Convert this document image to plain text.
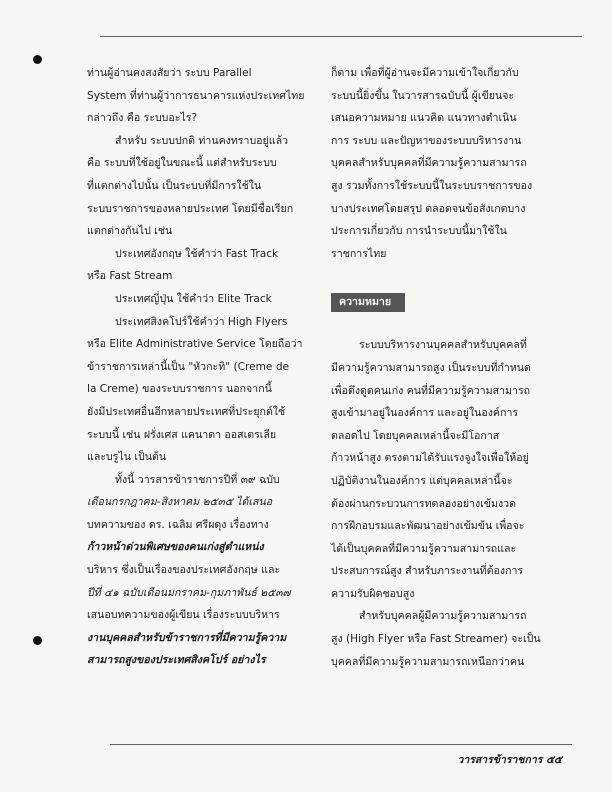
ท่านผู้อ่านคงสงสัยว่า ระบบ Parallel
System ที่ท่านผู้ว่าการธนาคารแห่งประเทศไทย
กล่าวถึง คือ ระบบอะไร?
สำหรับ ระบบปกติ ท่านคงทราบอยู่แล้ว
คือ ระบบที่ใช้อยู่ในขณะนี้ แต่สำหรับระบบ
ที่แตกต่างไปนั้น เป็นระบบที่มีการใช้ใน
ระบบราชการของหลายประเทศ โดยมีชื่อเรียก
แตกต่างกันไป เช่น
ประเทศอังกฤษ ใช้คำว่า Fast Track
หรือ Fast Stream
ประเทศญี่ปุ่น ใช้คำว่า Elite Track
ประเทศสิงคโปร์ใช้คำว่า High Flyers
หรือ Elite Administrative Service โดยถือว่า
ข้าราชการเหล่านี้เป็น "หัวกะทิ" (Creme de
la Creme) ของระบบราชการ นอกจากนี้
ยังมีประเทศอื่นอีกหลายประเทศที่ประยุกต์ใช้
ระบบนี้ เช่น ฝรั่งเศส แคนาดา ออสเตรเลีย
และบรูไน เป็นต้น
ทั้งนี้ วารสารข้าราชการปีที่ ๓๙ ฉบับ
เดือนกรกฎาคม-สิงหาคม ๒๕๓๕ ได้เสนอ
บทความของ ดร. เฉลิม ศรีผดุง เรื่องทาง
ก้าวหน้าด่วนพิเศษของคนเก่งสู่ตำแหน่ง
บริหาร ซึ่งเป็นเรื่องของประเทศอังกฤษ และ
ปีที่ ๔๑ ฉบับเดือนมกราคม-กุมภาพันธ์ ๒๕๓๗
เสนอบทความของผู้เขียน เรื่องระบบบริหาร
งานบุคคลสำหรับข้าราชการที่มีความรู้ความ
สามารถสูงของประเทศสิงคโปร์ อย่างไร
ก็ตาม เพื่อที่ผู้อ่านจะมีความเข้าใจเกี่ยวกับ
ระบบนี้ยิ่งขึ้น ในวารสารฉบับนี้ ผู้เขียนจะ
เสนอความหมาย แนวคิด แนวทางดำเนิน
การ ระบบ และปัญหาของระบบบริหารงาน
บุคคลสำหรับบุคคลที่มีความรู้ความสามารถ
สูง รวมทั้งการใช้ระบบนี้ในระบบราชการของ
บางประเทศโดยสรุป ตลอดจนข้อสังเกตบาง
ประการเกี่ยวกับ การนำระบบนี้มาใช้ใน
ราชการไทย
ความหมาย
ระบบบริหารงานบุคคลสำหรับบุคคลที่
มีความรู้ความสามารถสูง เป็นระบบที่กำหนด
เพื่อดึงดูดคนเก่ง คนที่มีความรู้ความสามารถ
สูงเข้ามาอยู่ในองค์การ และอยู่ในองค์การ
ตลอดไป โดยบุคคลเหล่านี้จะมีโอกาส
ก้าวหน้าสูง ตรงตามได้รับแรงจูงใจเพื่อให้อยู่
ปฏิบัติงานในองค์การ แต่บุคคลเหล่านี้จะ
ต้องผ่านกระบวนการทดลองอย่างเข้มงวด
การฝึกอบรมและพัฒนาอย่างเข้มข้น เพื่อจะ
ได้เป็นบุคคลที่มีความรู้ความสามารถและ
ประสบการณ์สูง สำหรับภาระงานที่ต้องการ
ความรับผิดชอบสูง
สำหรับบุคคลผู้มีความรู้ความสามารถ
สูง (High Flyer หรือ Fast Streamer) จะเป็น
บุคคลที่มีความรู้ความสามารถเหนือกว่าคน
วารสารข้าราชการ ๕๕
